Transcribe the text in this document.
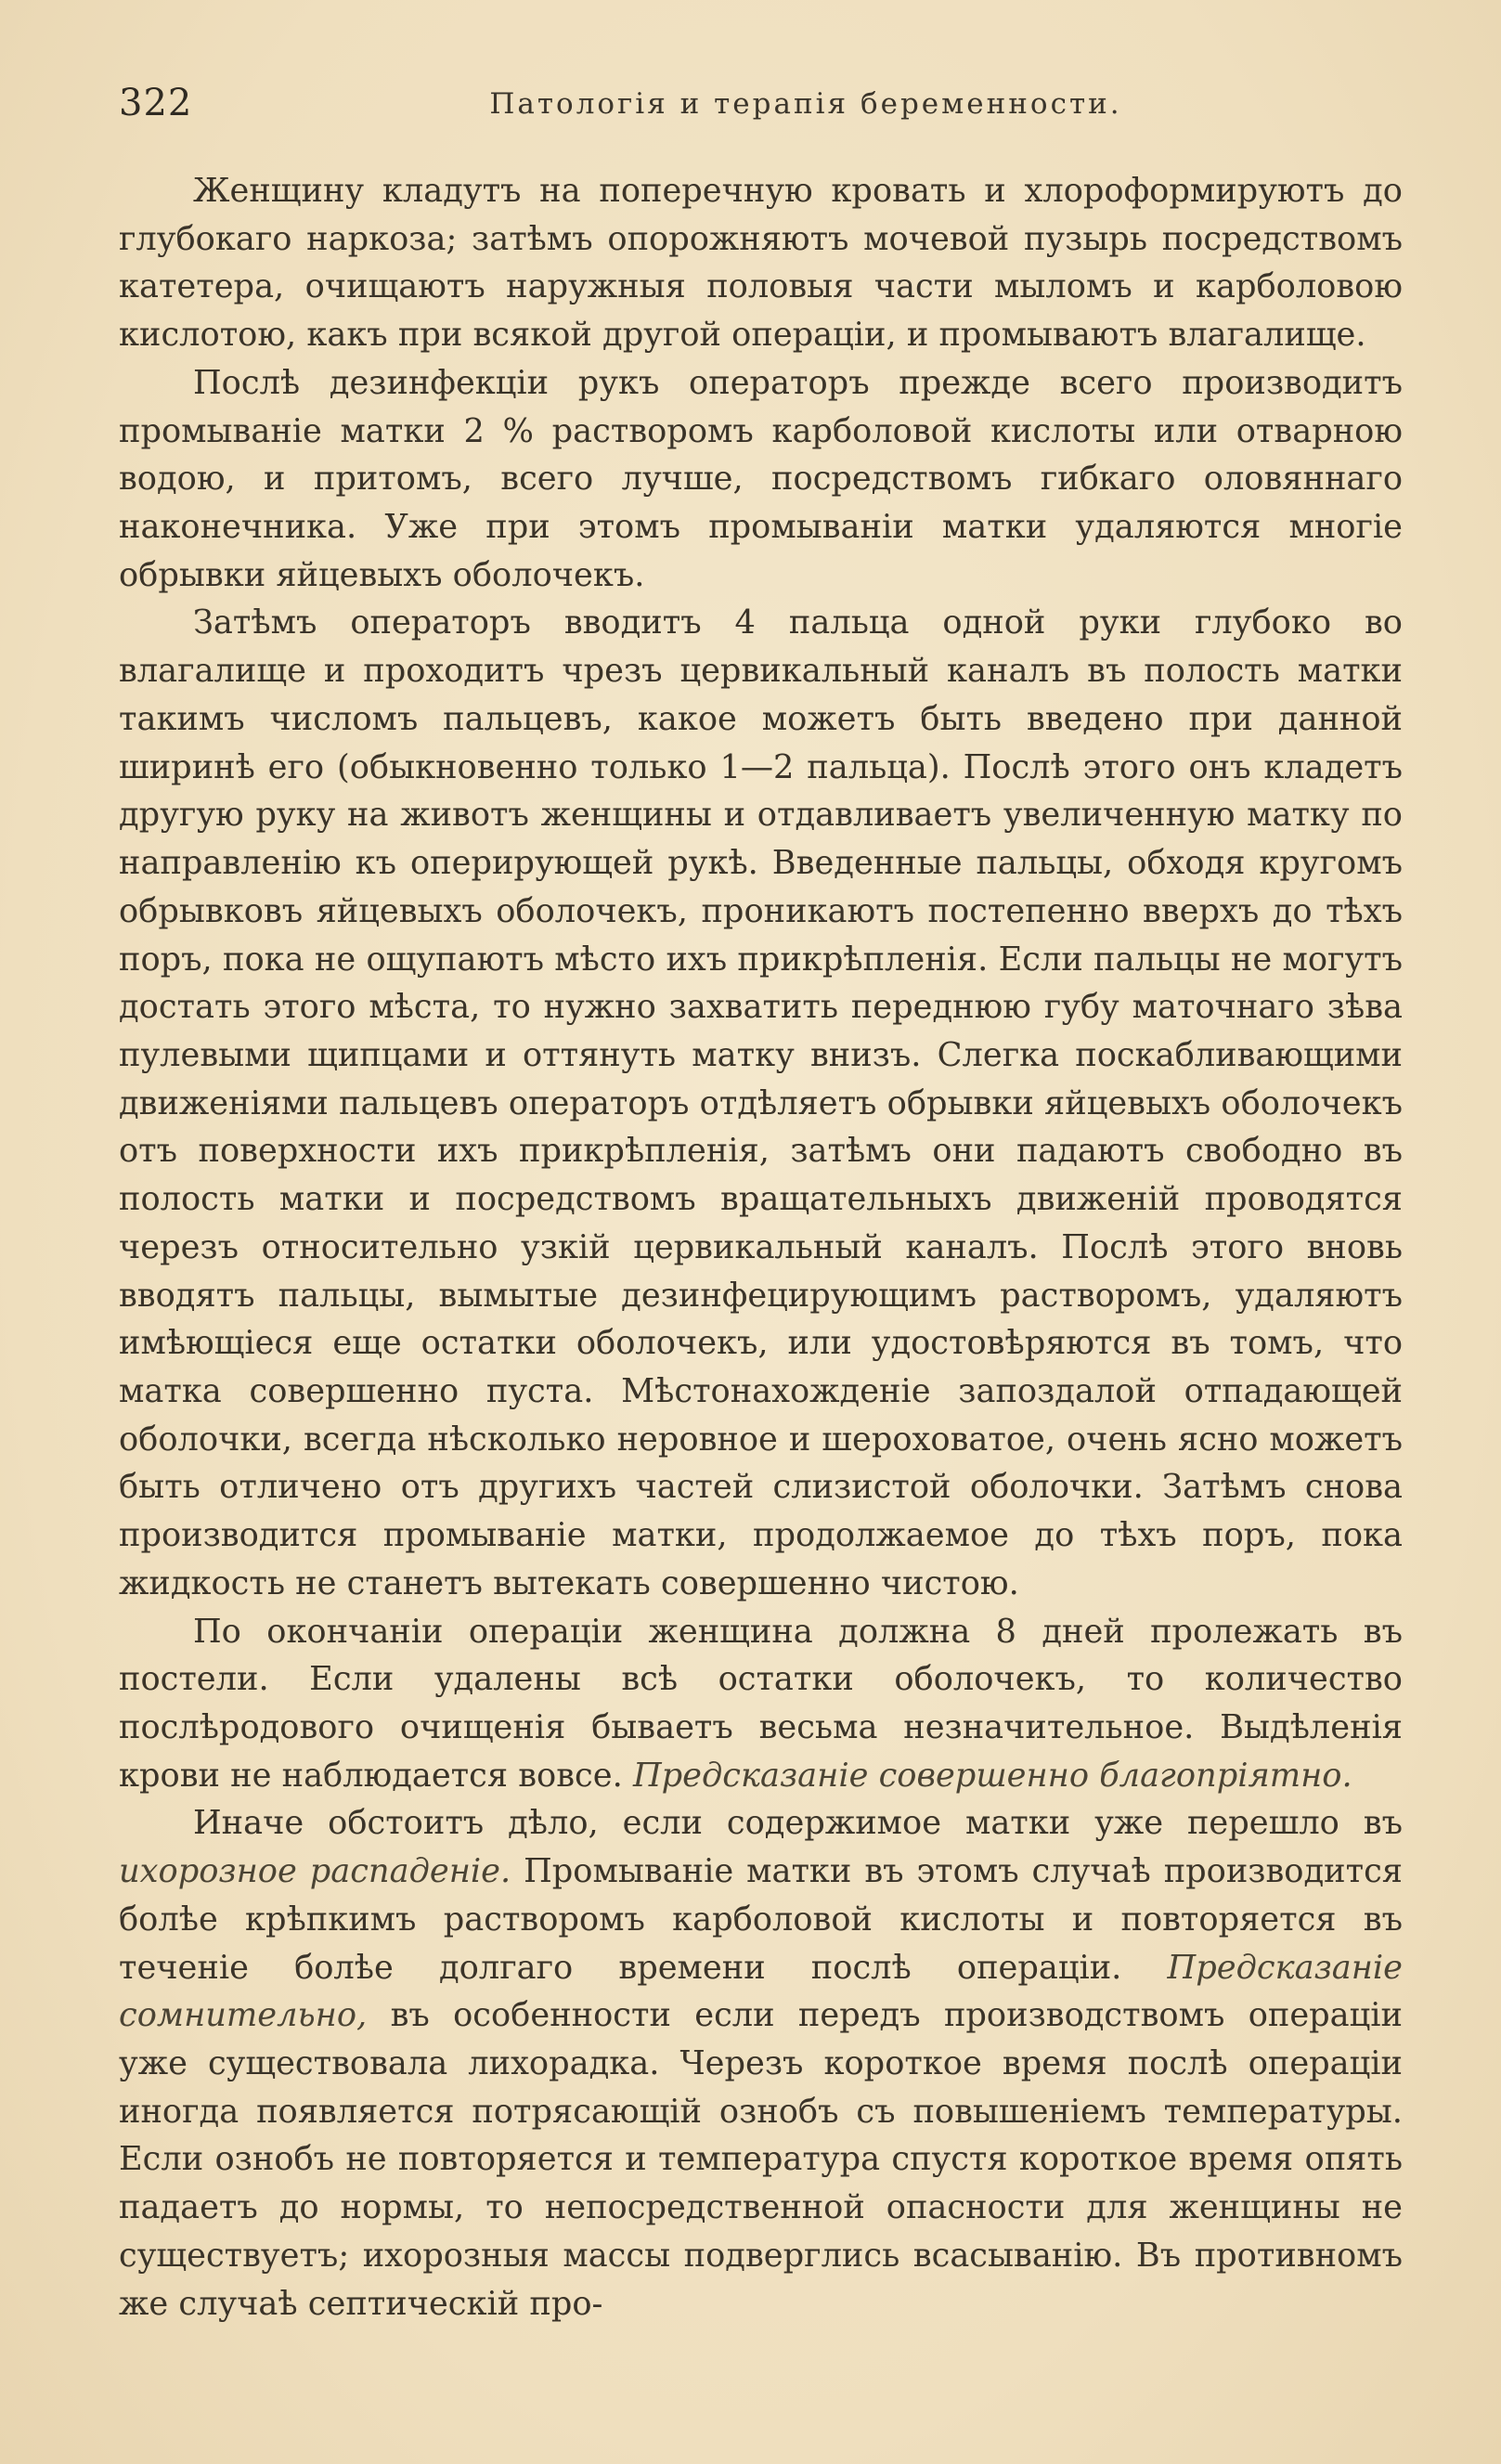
322	Патологія и терапія беременности.

Женщину кладутъ на поперечную кровать и хлороформируютъ до глубокаго наркоза; затѣмъ опорожняютъ мочевой пузырь посредствомъ катетера, очищаютъ наружныя половыя части мыломъ и карболовою кислотою, какъ при всякой другой операціи, и промываютъ влагалище.

Послѣ дезинфекціи рукъ операторъ прежде всего производитъ промываніе матки 2 % растворомъ карболовой кислоты или отварною водою, и притомъ, всего лучше, посредствомъ гибкаго оловяннаго наконечника. Уже при этомъ промываніи матки удаляются многіе обрывки яйцевыхъ оболочекъ.

Затѣмъ операторъ вводитъ 4 пальца одной руки глубоко во влагалище и проходитъ чрезъ цервикальный каналъ въ полость матки такимъ числомъ пальцевъ, какое можетъ быть введено при данной ширинѣ его (обыкновенно только 1—2 пальца). Послѣ этого онъ кладетъ другую руку на животъ женщины и отдавливаетъ увеличенную матку по направленію къ оперирующей рукѣ. Введенные пальцы, обходя кругомъ обрывковъ яйцевыхъ оболочекъ, проникаютъ постепенно вверхъ до тѣхъ поръ, пока не ощупаютъ мѣсто ихъ прикрѣпленія. Если пальцы не могутъ достать этого мѣста, то нужно захватить переднюю губу маточнаго зѣва пулевыми щипцами и оттянуть матку внизъ. Слегка поскабливающими движеніями пальцевъ операторъ отдѣляетъ обрывки яйцевыхъ оболочекъ отъ поверхности ихъ прикрѣпленія, затѣмъ они падаютъ свободно въ полость матки и посредствомъ вращательныхъ движеній проводятся черезъ относительно узкій цервикальный каналъ. Послѣ этого вновь вводятъ пальцы, вымытые дезинфецирующимъ растворомъ, удаляютъ имѣющіеся еще остатки оболочекъ, или удостовѣряются въ томъ, что матка совершенно пуста. Мѣстонахожденіе запоздалой отпадающей оболочки, всегда нѣсколько неровное и шероховатое, очень ясно можетъ быть отличено отъ другихъ частей слизистой оболочки. Затѣмъ снова производится промываніе матки, продолжаемое до тѣхъ поръ, пока жидкость не станетъ вытекать совершенно чистою.

По окончаніи операціи женщина должна 8 дней пролежать въ постели. Если удалены всѣ остатки оболочекъ, то количество послѣродового очищенія бываетъ весьма незначительное. Выдѣленія крови не наблюдается вовсе. Предсказаніе совершенно благопріятно.

Иначе обстоитъ дѣло, если содержимое матки уже перешло въ ихорозное распаденіе. Промываніе матки въ этомъ случаѣ производится болѣе крѣпкимъ растворомъ карболовой кислоты и повторяется въ теченіе болѣе долгаго времени послѣ операціи. Предсказаніе сомнительно, въ особенности если передъ производствомъ операціи уже существовала лихорадка. Черезъ короткое время послѣ операціи иногда появляется потрясающій ознобъ съ повышеніемъ температуры. Если ознобъ не повторяется и температура спустя короткое время опять падаетъ до нормы, то непосредственной опасности для женщины не существуетъ; ихорозныя массы подверглись всасыванію. Въ противномъ же случаѣ септическій про-
